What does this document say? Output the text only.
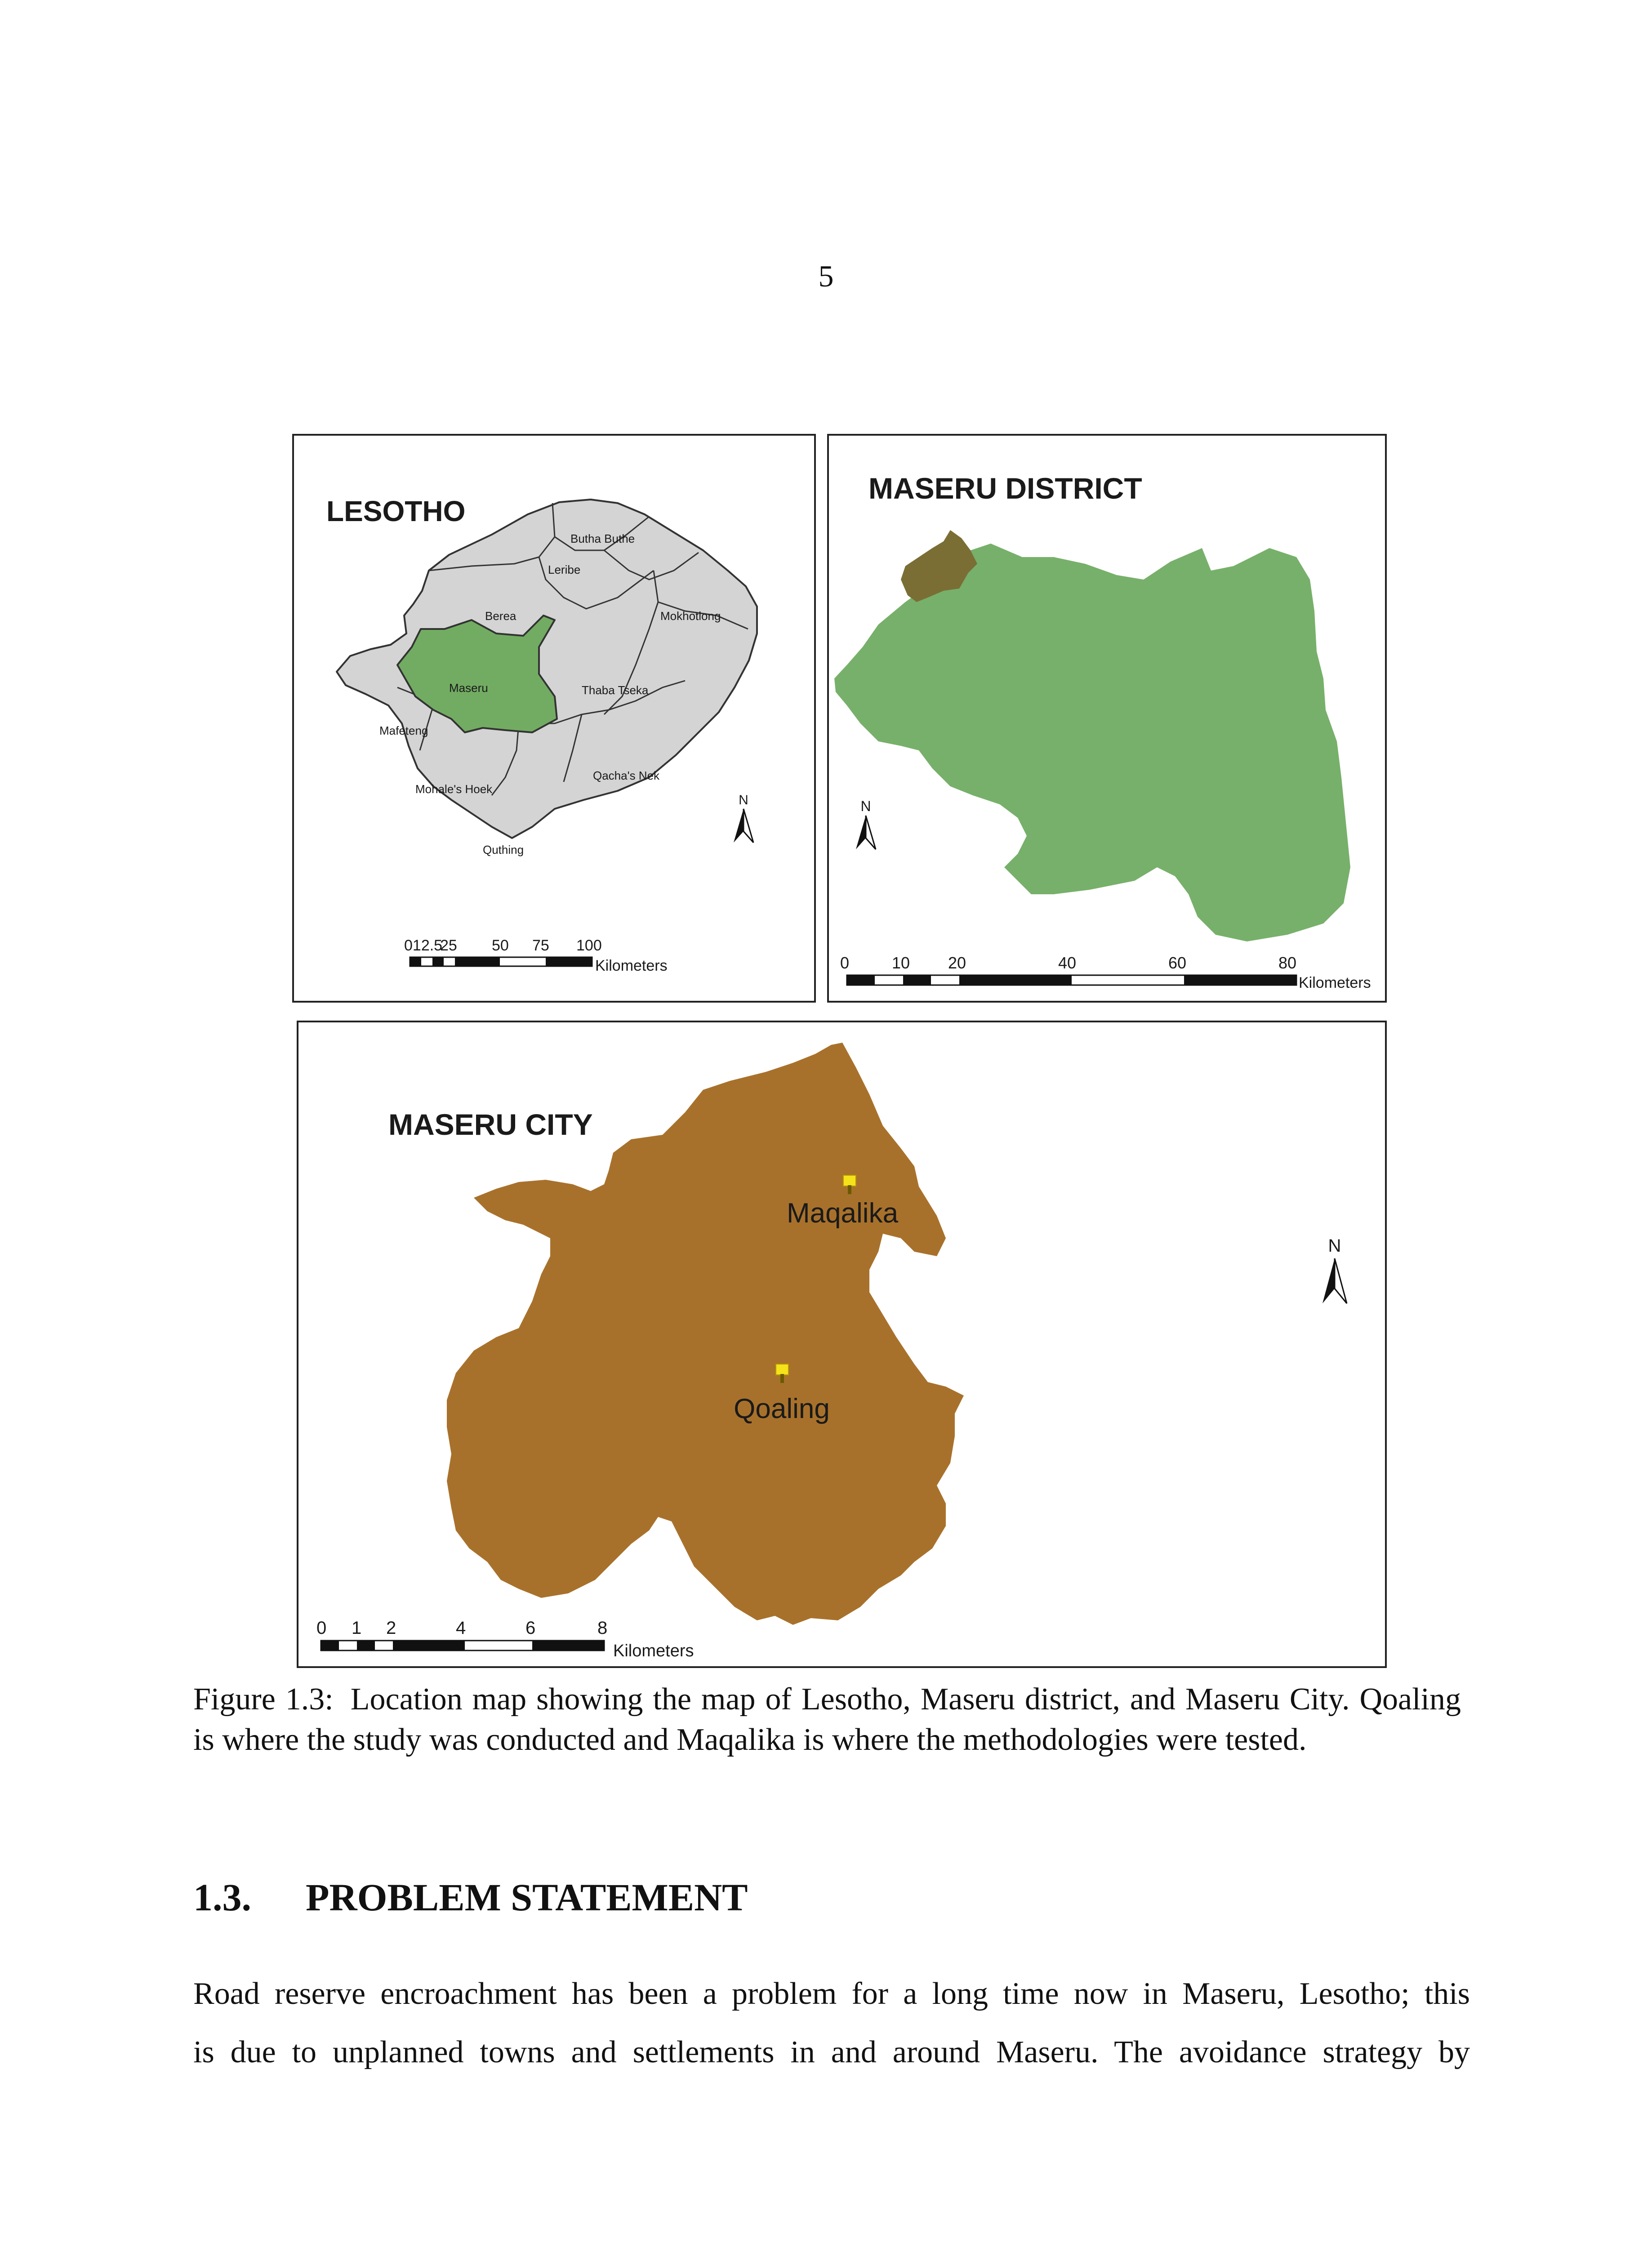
5
LESOTHO
Butha Buthe
Leribe
Berea	Mokhotlong
Maseru	Thaba Tseka
Mafeteng
Qacha's Nek
Mohale's Hoek
Quthing
N
012.5
25 50 75 100
Kilometers
MASERU DISTRICT
N
0	10 20	40	60	80
Kilometers
MASERU CITY
Maqalika
Qoaling
N
0 1 2	4	6	8
Kilometers
Figure 1.3: Location map showing the map of Lesotho, Maseru district, and Maseru City. Qoaling is where the study was conducted and Maqalika is where the methodologies were tested.
1.3. PROBLEM STATEMENT
Road reserve encroachment has been a problem for a long time now in Maseru, Lesotho; this
is due to unplanned towns and settlements in and around Maseru. The avoidance strategy by
